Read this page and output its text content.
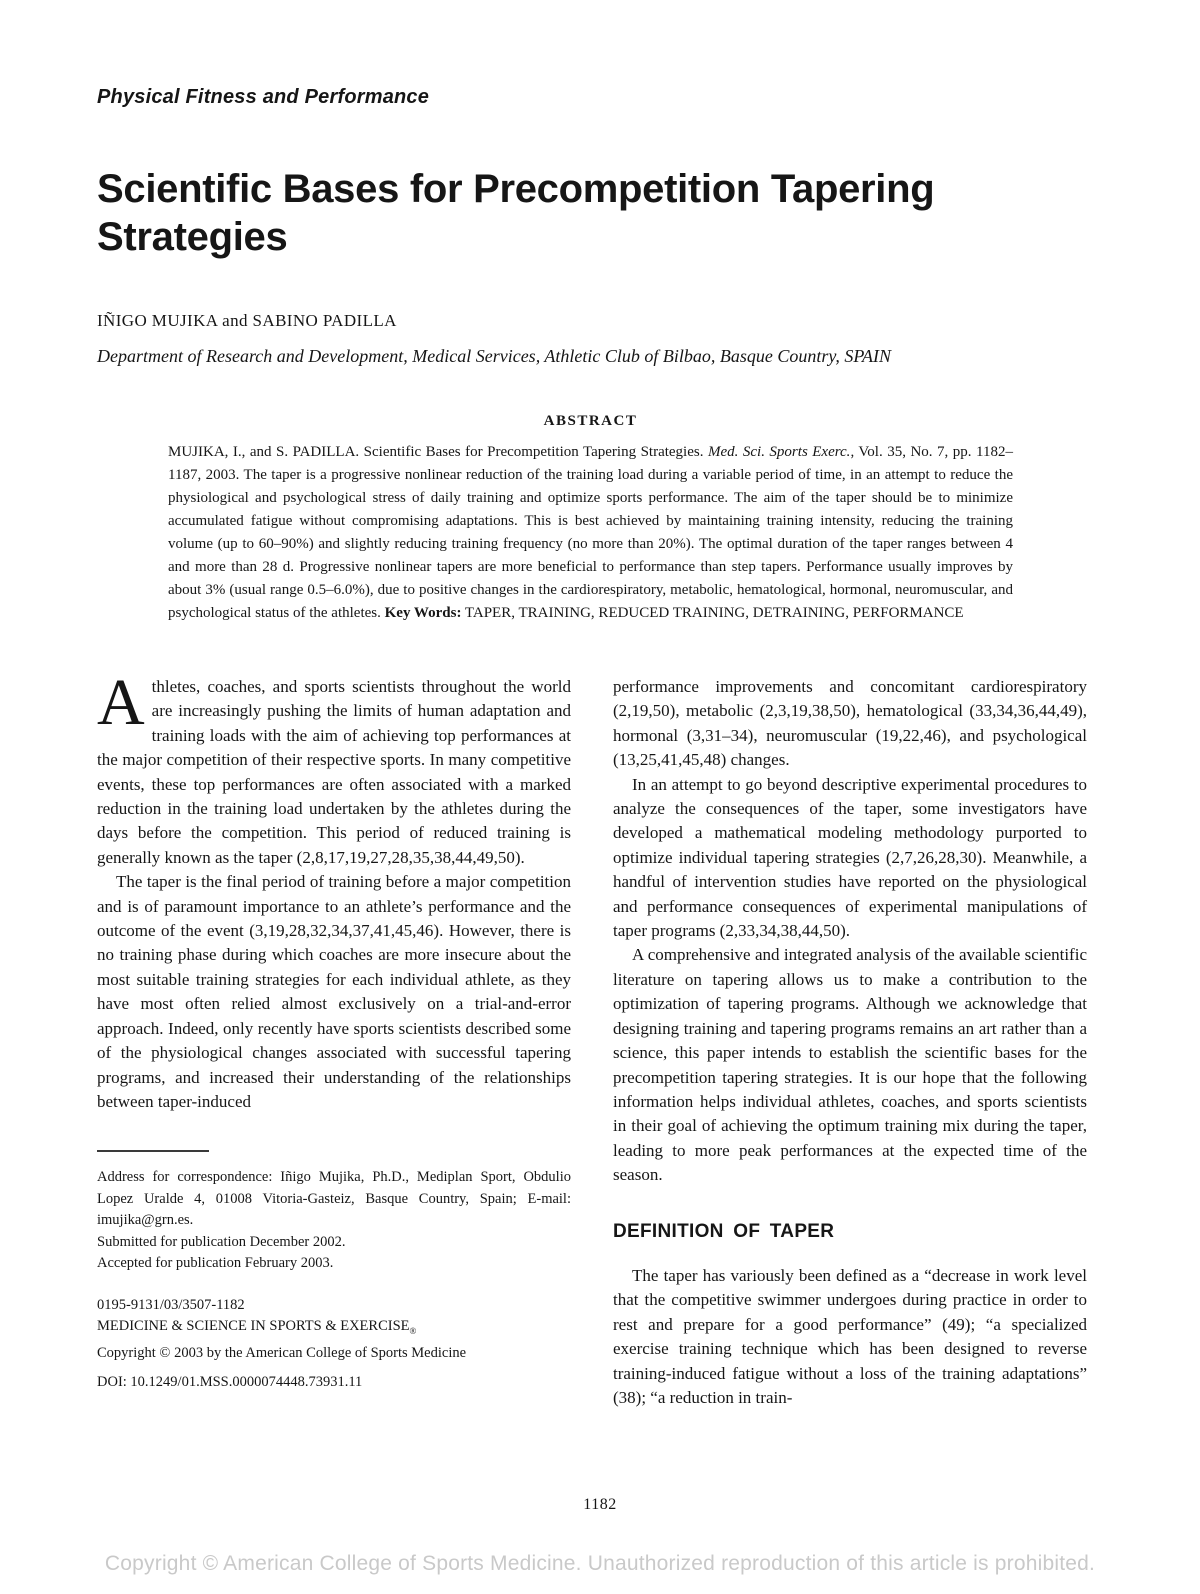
Physical Fitness and Performance
Scientific Bases for Precompetition Tapering Strategies
IÑIGO MUJIKA and SABINO PADILLA
Department of Research and Development, Medical Services, Athletic Club of Bilbao, Basque Country, SPAIN
ABSTRACT
MUJIKA, I., and S. PADILLA. Scientific Bases for Precompetition Tapering Strategies. Med. Sci. Sports Exerc., Vol. 35, No. 7, pp. 1182–1187, 2003. The taper is a progressive nonlinear reduction of the training load during a variable period of time, in an attempt to reduce the physiological and psychological stress of daily training and optimize sports performance. The aim of the taper should be to minimize accumulated fatigue without compromising adaptations. This is best achieved by maintaining training intensity, reducing the training volume (up to 60–90%) and slightly reducing training frequency (no more than 20%). The optimal duration of the taper ranges between 4 and more than 28 d. Progressive nonlinear tapers are more beneficial to performance than step tapers. Performance usually improves by about 3% (usual range 0.5–6.0%), due to positive changes in the cardiorespiratory, metabolic, hematological, hormonal, neuromuscular, and psychological status of the athletes. Key Words: TAPER, TRAINING, REDUCED TRAINING, DETRAINING, PERFORMANCE

Athletes, coaches, and sports scientists throughout the world are increasingly pushing the limits of human adaptation and training loads with the aim of achieving top performances at the major competition of their respective sports. In many competitive events, these top performances are often associated with a marked reduction in the training load undertaken by the athletes during the days before the competition. This period of reduced training is generally known as the taper (2,8,17,19,27,28,35,38,44,49,50).

The taper is the final period of training before a major competition and is of paramount importance to an athlete’s performance and the outcome of the event (3,19,28,32,34,37,41,45,46). However, there is no training phase during which coaches are more insecure about the most suitable training strategies for each individual athlete, as they have most often relied almost exclusively on a trial-and-error approach. Indeed, only recently have sports scientists described some of the physiological changes associated with successful tapering programs, and increased their understanding of the relationships between taper-induced

Address for correspondence: Iñigo Mujika, Ph.D., Mediplan Sport, Obdulio Lopez Uralde 4, 01008 Vitoria-Gasteiz, Basque Country, Spain; E-mail: imujika@grn.es.

Submitted for publication December 2002.

Accepted for publication February 2003.

0195-9131/03/3507-1182

MEDICINE & SCIENCE IN SPORTS & $EXERCISE_®$

Copyright © 2003 by the American College of Sports Medicine

DOI: 10.1249/01.MSS.0000074448.73931.11

performance improvements and concomitant cardiorespiratory (2,19,50), metabolic (2,3,19,38,50), hematological (33,34,36,44,49), hormonal (3,31–34), neuromuscular (19,22,46), and psychological (13,25,41,45,48) changes.

In an attempt to go beyond descriptive experimental procedures to analyze the consequences of the taper, some investigators have developed a mathematical modeling methodology purported to optimize individual tapering strategies (2,7,26,28,30). Meanwhile, a handful of intervention studies have reported on the physiological and performance consequences of experimental manipulations of taper programs (2,33,34,38,44,50).

A comprehensive and integrated analysis of the available scientific literature on tapering allows us to make a contribution to the optimization of tapering programs. Although we acknowledge that designing training and tapering programs remains an art rather than a science, this paper intends to establish the scientific bases for the precompetition tapering strategies. It is our hope that the following information helps individual athletes, coaches, and sports scientists in their goal of achieving the optimum training mix during the taper, leading to more peak performances at the expected time of the season.

DEFINITION OF TAPER

The taper has variously been defined as a “decrease in work level that the competitive swimmer undergoes during practice in order to rest and prepare for a good performance” (49); “a specialized exercise training technique which has been designed to reverse training-induced fatigue without a loss of the training adaptations” (38); “a reduction in train-

1182
Copyright © American College of Sports Medicine. Unauthorized reproduction of this article is prohibited.
